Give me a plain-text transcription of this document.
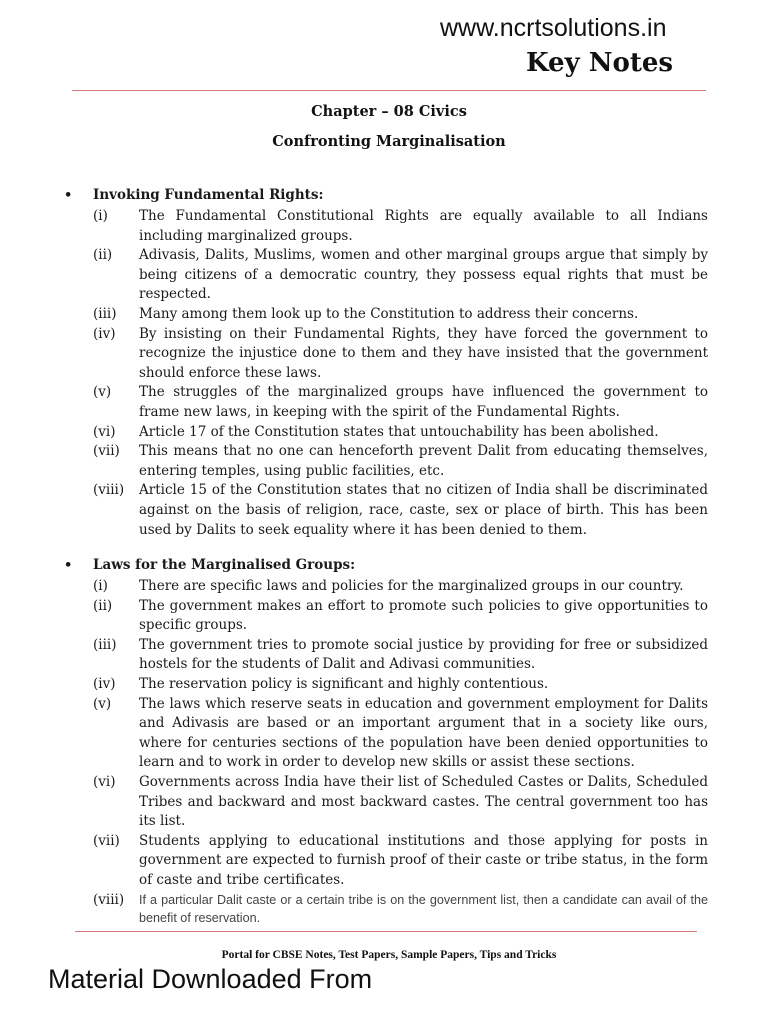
www.ncrtsolutions.in
Key Notes
Chapter – 08 Civics
Confronting Marginalisation
•	Invoking Fundamental Rights:
(i)	The Fundamental Constitutional Rights are equally available to all Indians including marginalized groups.
(ii)	Adivasis, Dalits, Muslims, women and other marginal groups argue that simply by being citizens of a democratic country, they possess equal rights that must be respected.
(iii)	Many among them look up to the Constitution to address their concerns.
(iv)	By insisting on their Fundamental Rights, they have forced the government to recognize the injustice done to them and they have insisted that the government should enforce these laws.
(v)	The struggles of the marginalized groups have influenced the government to frame new laws, in keeping with the spirit of the Fundamental Rights.
(vi)	Article 17 of the Constitution states that untouchability has been abolished.
(vii)	This means that no one can henceforth prevent Dalit from educating themselves, entering temples, using public facilities, etc.
(viii)	Article 15 of the Constitution states that no citizen of India shall be discriminated against on the basis of religion, race, caste, sex or place of birth. This has been used by Dalits to seek equality where it has been denied to them.
•	Laws for the Marginalised Groups:
(i)	There are specific laws and policies for the marginalized groups in our country.
(ii)	The government makes an effort to promote such policies to give opportunities to specific groups.
(iii)	The government tries to promote social justice by providing for free or subsidized hostels for the students of Dalit and Adivasi communities.
(iv)	The reservation policy is significant and highly contentious.
(v)	The laws which reserve seats in education and government employment for Dalits and Adivasis are based or an important argument that in a society like ours, where for centuries sections of the population have been denied opportunities to learn and to work in order to develop new skills or assist these sections.
(vi)	Governments across India have their list of Scheduled Castes or Dalits, Scheduled Tribes and backward and most backward castes. The central government too has its list.
(vii)	Students applying to educational institutions and those applying for posts in government are expected to furnish proof of their caste or tribe status, in the form of caste and tribe certificates.
(viii)	If a particular Dalit caste or a certain tribe is on the government list, then a candidate can avail of the benefit of reservation.
Portal for CBSE Notes, Test Papers, Sample Papers, Tips and Tricks
Material Downloaded From
